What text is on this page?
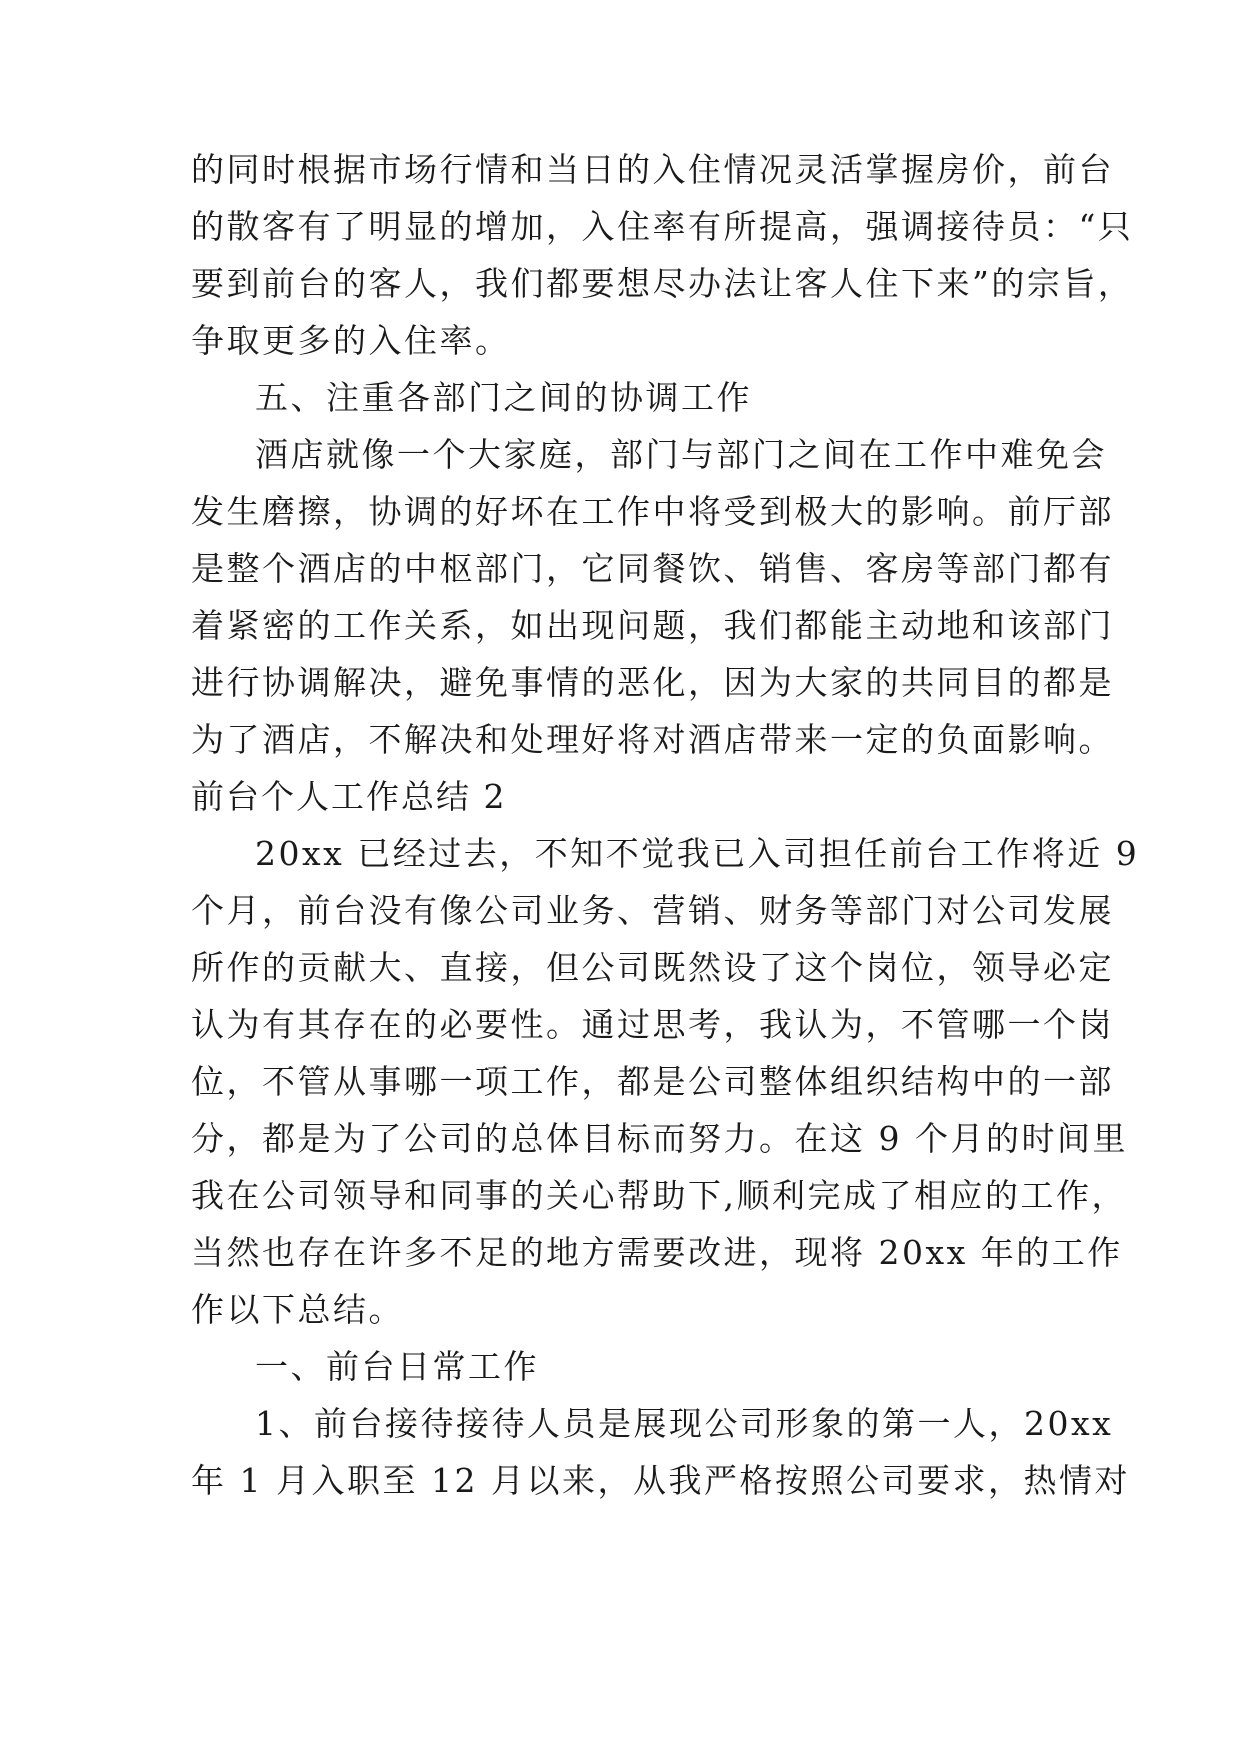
的同时根据市场行情和当日的入住情况灵活掌握房价，前台
的散客有了明显的增加，入住率有所提高，强调接待员：“只
要到前台的客人，我们都要想尽办法让客人住下来”的宗旨，
争取更多的入住率。
五、注重各部门之间的协调工作
酒店就像一个大家庭，部门与部门之间在工作中难免会
发生磨擦，协调的好坏在工作中将受到极大的影响。前厅部
是整个酒店的中枢部门，它同餐饮、销售、客房等部门都有
着紧密的工作关系，如出现问题，我们都能主动地和该部门
进行协调解决，避免事情的恶化，因为大家的共同目的都是
为了酒店，不解决和处理好将对酒店带来一定的负面影响。
前台个人工作总结 2
20xx 已经过去，不知不觉我已入司担任前台工作将近 9
个月，前台没有像公司业务、营销、财务等部门对公司发展
所作的贡献大、直接，但公司既然设了这个岗位，领导必定
认为有其存在的必要性。通过思考，我认为，不管哪一个岗
位，不管从事哪一项工作，都是公司整体组织结构中的一部
分，都是为了公司的总体目标而努力。在这 9 个月的时间里
我在公司领导和同事的关心帮助下,顺利完成了相应的工作，
当然也存在许多不足的地方需要改进，现将 20xx 年的工作
作以下总结。
一、前台日常工作
1、前台接待接待人员是展现公司形象的第一人，20xx
年 1 月入职至 12 月以来，从我严格按照公司要求，热情对
